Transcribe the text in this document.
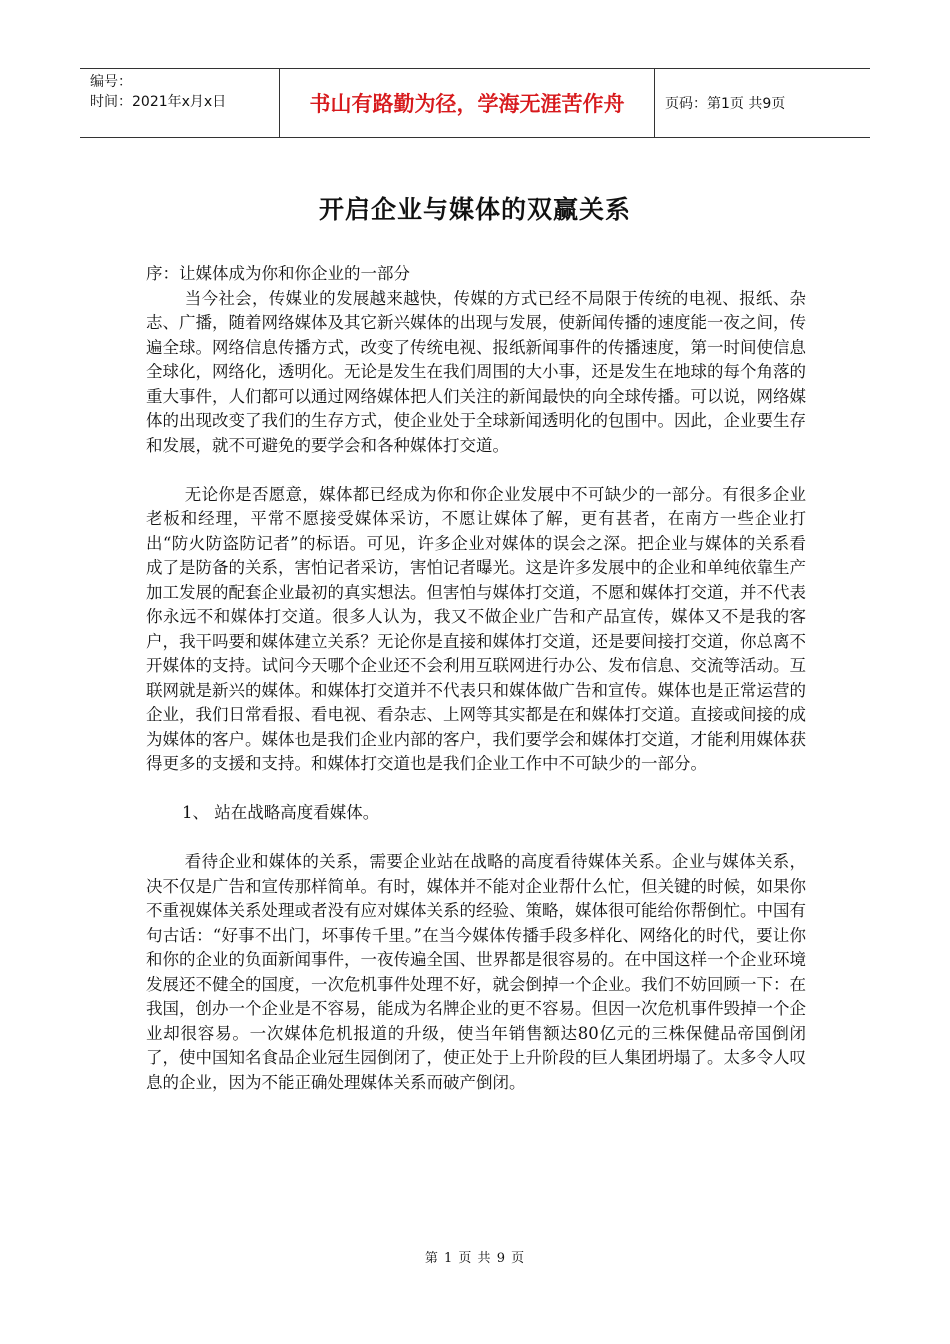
编号：
时间：2021年x月x日	书山有路勤为径，学海无涯苦作舟	页码：第1页 共9页
开启企业与媒体的双赢关系

序：让媒体成为你和你企业的一部分

当今社会，传媒业的发展越来越快，传媒的方式已经不局限于传统的电视、报纸、杂志、广播，随着网络媒体及其它新兴媒体的出现与发展，使新闻传播的速度能一夜之间，传遍全球。网络信息传播方式，改变了传统电视、报纸新闻事件的传播速度，第一时间使信息全球化，网络化，透明化。无论是发生在我们周围的大小事，还是发生在地球的每个角落的重大事件，人们都可以通过网络媒体把人们关注的新闻最快的向全球传播。可以说，网络媒体的出现改变了我们的生存方式，使企业处于全球新闻透明化的包围中。因此，企业要生存和发展，就不可避免的要学会和各种媒体打交道。

无论你是否愿意，媒体都已经成为你和你企业发展中不可缺少的一部分。有很多企业老板和经理，平常不愿接受媒体采访，不愿让媒体了解，更有甚者，在南方一些企业打出“防火防盗防记者”的标语。可见，许多企业对媒体的误会之深。把企业与媒体的关系看成了是防备的关系，害怕记者采访，害怕记者曝光。这是许多发展中的企业和单纯依靠生产加工发展的配套企业最初的真实想法。但害怕与媒体打交道，不愿和媒体打交道，并不代表你永远不和媒体打交道。很多人认为，我又不做企业广告和产品宣传，媒体又不是我的客户，我干吗要和媒体建立关系？无论你是直接和媒体打交道，还是要间接打交道，你总离不开媒体的支持。试问今天哪个企业还不会利用互联网进行办公、发布信息、交流等活动。互联网就是新兴的媒体。和媒体打交道并不代表只和媒体做广告和宣传。媒体也是正常运营的企业，我们日常看报、看电视、看杂志、上网等其实都是在和媒体打交道。直接或间接的成为媒体的客户。媒体也是我们企业内部的客户，我们要学会和媒体打交道，才能利用媒体获得更多的支援和支持。和媒体打交道也是我们企业工作中不可缺少的一部分。

1、 站在战略高度看媒体。

看待企业和媒体的关系，需要企业站在战略的高度看待媒体关系。企业与媒体关系，决不仅是广告和宣传那样简单。有时，媒体并不能对企业帮什么忙，但关键的时候，如果你不重视媒体关系处理或者没有应对媒体关系的经验、策略，媒体很可能给你帮倒忙。中国有句古话：“好事不出门，坏事传千里。”在当今媒体传播手段多样化、网络化的时代，要让你和你的企业的负面新闻事件，一夜传遍全国、世界都是很容易的。在中国这样一个企业环境发展还不健全的国度，一次危机事件处理不好，就会倒掉一个企业。我们不妨回顾一下：在我国，创办一个企业是不容易，能成为名牌企业的更不容易。但因一次危机事件毁掉一个企业却很容易。一次媒体危机报道的升级，使当年销售额达80亿元的三株保健品帝国倒闭了，使中国知名食品企业冠生园倒闭了，使正处于上升阶段的巨人集团坍塌了。太多令人叹息的企业，因为不能正确处理媒体关系而破产倒闭。

第 1 页 共 9 页
